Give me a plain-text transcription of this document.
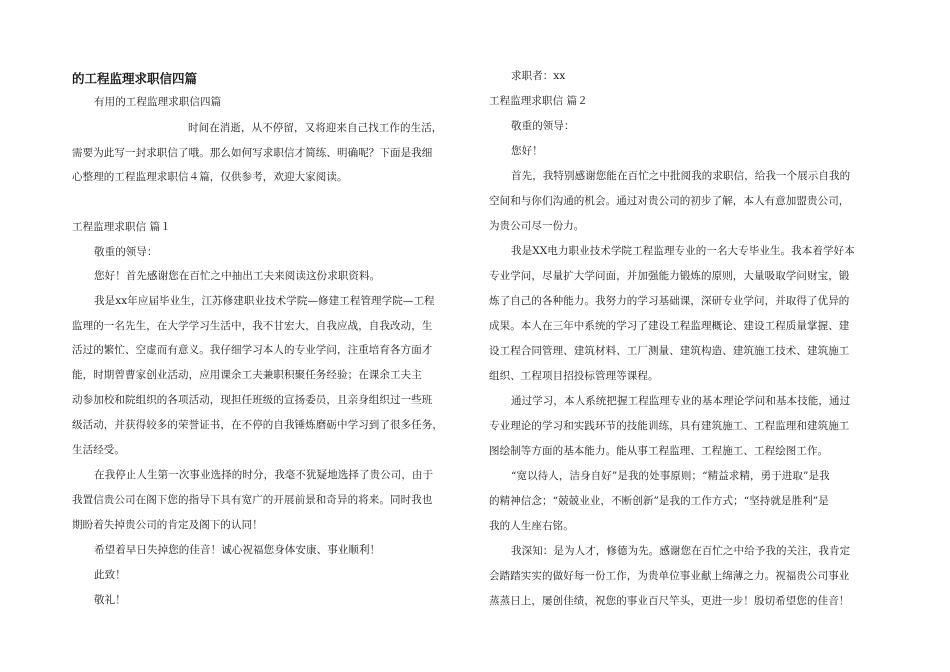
的工程监理求职信四篇
有用的工程监理求职信四篇
时间在消逝，从不停留，又将迎来自己找工作的生活，
需要为此写一封求职信了哦。那么如何写求职信才简练、明确呢？下面是我细
心整理的工程监理求职信４篇，仅供参考，欢迎大家阅读。
工程监理求职信 篇１
敬重的领导：
您好！首先感谢您在百忙之中抽出工夫来阅读这份求职资料。
我是xx年应届毕业生，江苏修建职业技术学院—修建工程管理学院—工程
监理的一名先生，在大学学习生活中，我不甘宏大，自我应战，自我改动，生
活过的繁忙、空虚而有意义。我仔细学习本人的专业学问，注重培育各方面才
能，时期曾曹家创业活动，应用课余工夫兼职积聚任务经验；在课余工夫主
动参加校和院组织的各项活动，现担任班级的宣扬委员，且亲身组织过一些班
级活动，并获得较多的荣誉证书，在不停的自我锤炼磨砺中学习到了很多任务，
生活经受。
在我停止人生第一次事业选择的时分，我毫不犹疑地选择了贵公司，由于
我置信贵公司在阁下您的指导下具有宽广的开展前景和奇异的将来。同时我也
期盼着失掉贵公司的肯定及阁下的认同！
希望着早日失掉您的佳音！诚心祝福您身体安康、事业顺利！
此致！
敬礼！
求职者：xx
工程监理求职信 篇２
敬重的领导：
您好！
首先，我特别感谢您能在百忙之中批阅我的求职信，给我一个展示自我的
空间和与你们沟通的机会。通过对贵公司的初步了解，本人有意加盟贵公司，
为贵公司尽一份力。
我是XX电力职业技术学院工程监理专业的一名大专毕业生。我本着学好本
专业学问，尽量扩大学问面，并加强能力锻炼的原则，大量吸取学问财宝，锻
炼了自己的各种能力。我努力的学习基础课，深研专业学问，并取得了优异的
成果。本人在三年中系统的学习了建设工程监理概论、建设工程质量掌握、建
设工程合同管理、建筑材料、工厂测量、建筑构造、建筑施工技术、建筑施工
组织、工程项目招投标管理等课程。
通过学习，本人系统把握工程监理专业的基本理论学问和基本技能，通过
专业理论的学习和实践环节的技能训练，具有建筑施工、工程监理和建筑施工
图绘制等方面的基本能力。能从事工程监理、工程施工、工程绘图工作。
“宽以待人，洁身自好”是我的处事原则；“精益求精，勇于进取”是我
的精神信念；“兢兢业业，不断创新”是我的工作方式；“坚持就是胜利”是
我的人生座右铭。
我深知：是为人才，修德为先。感谢您在百忙之中给予我的关注，我肯定
会踏踏实实的做好每一份工作，为贵单位事业献上绵薄之力。祝福贵公司事业
蒸蒸日上，屡创佳绩，祝您的事业百尺竿头，更进一步！殷切希望您的佳音！
